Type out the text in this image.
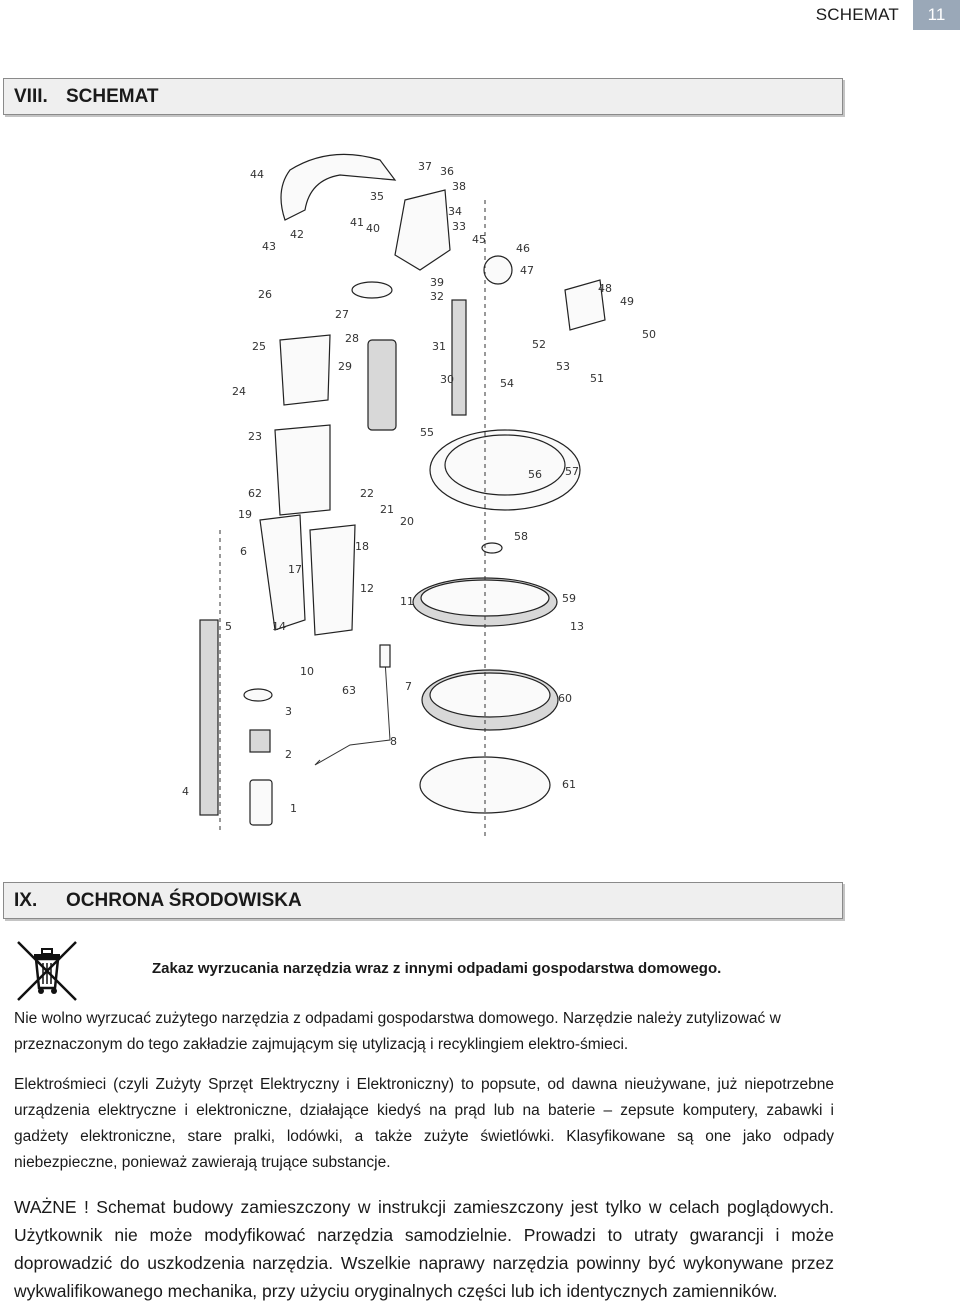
SCHEMAT	11
VIII. SCHEMAT
1
2
3
4
5
6
7
8
10
11
12
13
14
17
18
19
20
21
22
23
24
25
26
27
28
29
30
31
32
33
34
35
36
37
38
39
40
41
42
43
44
45
46
47
48
49
50
51
52
53
54
55
56 57
58
59
60
61
62
63
IX.	OCHRONA ŚRODOWISKA
Zakaz wyrzucania narzędzia wraz z innymi odpadami gospodarstwa domowego.
Nie wolno wyrzucać zużytego narzędzia z odpadami gospodarstwa domowego. Narzędzie należy zutylizować w przeznaczonym do tego zakładzie zajmującym się utylizacją i recyklingiem elektro-śmieci.
Elektrośmieci (czyli Zużyty Sprzęt Elektryczny i Elektroniczny) to popsute, od dawna nieużywane, już niepotrzebne urządzenia elektryczne i elektroniczne, działające kiedyś na prąd lub na baterie – zepsute komputery, zabawki i gadżety elektroniczne, stare pralki, lodówki, a także zużyte świetlówki. Klasyfikowane są one jako odpady niebezpieczne, ponieważ zawierają trujące substancje.
WAŻNE ! Schemat budowy zamieszczony w instrukcji zamieszczony jest tylko w celach poglądowych. Użytkownik nie może modyfikować narzędzia samodzielnie. Prowadzi to utraty gwarancji i może doprowadzić do uszkodzenia narzędzia. Wszelkie naprawy narzędzia powinny być wykonywane przez wykwalifikowanego mechanika, przy użyciu oryginalnych części lub ich identycznych zamienników.
